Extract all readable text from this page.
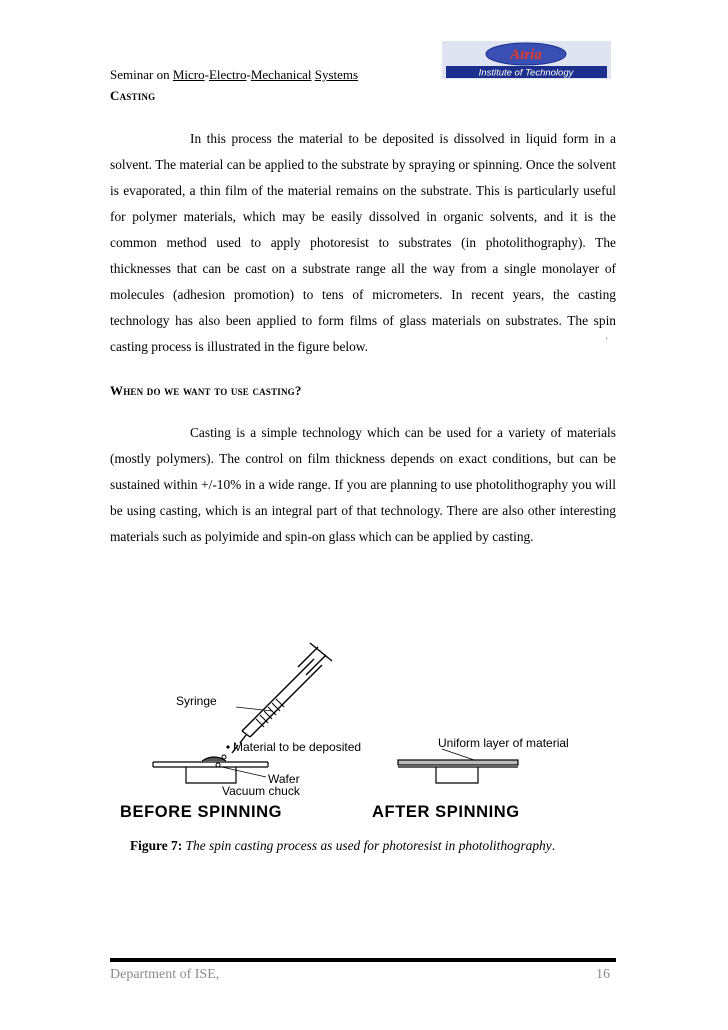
Seminar on Micro-Electro-Mechanical Systems
Atria
Institute of Technology
Casting

In this process the material to be deposited is dissolved in liquid form in a solvent. The material can be applied to the substrate by spraying or spinning. Once the solvent is evaporated, a thin film of the material remains on the substrate. This is particularly useful for polymer materials, which may be easily dissolved in organic solvents, and it is the common method used to apply photoresist to substrates (in photolithography). The thicknesses that can be cast on a substrate range all the way from a single monolayer of molecules (adhesion promotion) to tens of micrometers. In recent years, the casting technology has also been applied to form films of glass materials on substrates. The spin casting process is illustrated in the figure below.	'
When do we want to use casting?

Casting is a simple technology which can be used for a variety of materials (mostly polymers). The control on film thickness depends on exact conditions, but can be sustained within +/-10% in a wide range. If you are planning to use photolithography you will be using casting, which is an integral part of that technology. There are also other interesting materials such as polyimide and spin-on glass which can be applied by casting.

Syringe
Material to be deposited
Wafer
Vacuum chuck
Uniform layer of material
BEFORE SPINNING	AFTER SPINNING
Figure 7: The spin casting process as used for photoresist in photolithography.
Department of ISE,	16
